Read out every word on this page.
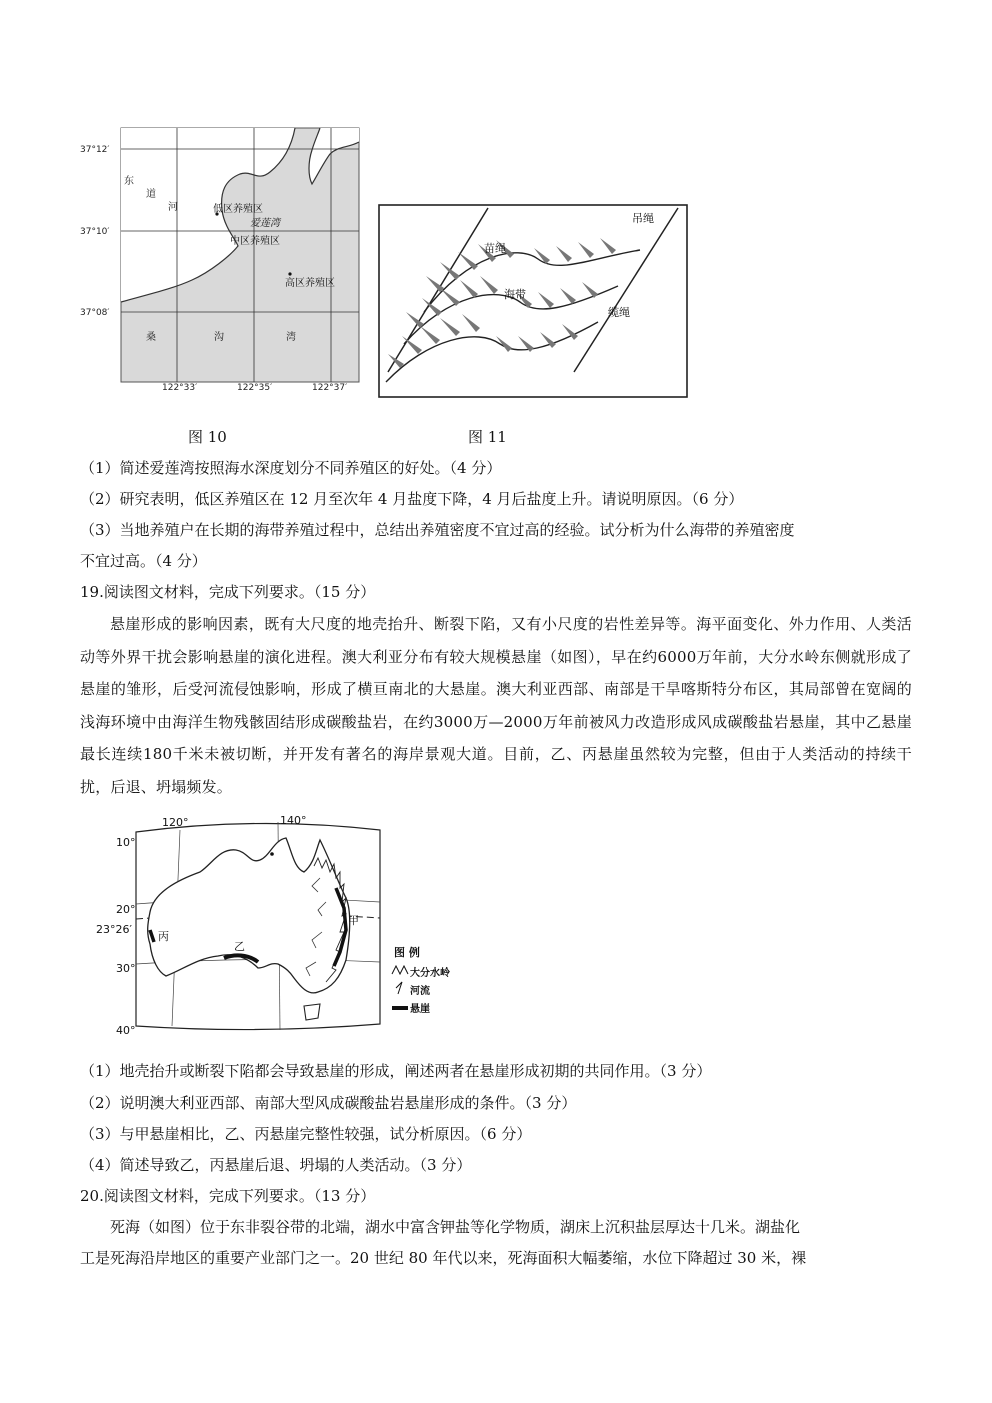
37°12′
37°10′
37°08′
122°33′	122°35′	122°37′
东
道
河	低区养殖区
爱莲湾
中区养殖区
高区养殖区
桑	沟	湾
吊绳
苗绳
海带
缆绳
图 10	图 11
（1）简述爱莲湾按照海水深度划分不同养殖区的好处。（4 分）
（2）研究表明，低区养殖区在 12 月至次年 4 月盐度下降，4 月后盐度上升。请说明原因。（6 分）
（3）当地养殖户在长期的海带养殖过程中，总结出养殖密度不宜过高的经验。试分析为什么海带的养殖密度
不宜过高。（4 分）
19.阅读图文材料，完成下列要求。（15 分）
悬崖形成的影响因素，既有大尺度的地壳抬升、断裂下陷，又有小尺度的岩性差异等。海平面变化、外力作用、人类活动等外界干扰会影响悬崖的演化进程。澳大利亚分布有较大规模悬崖（如图），早在约6000万年前，大分水岭东侧就形成了悬崖的雏形，后受河流侵蚀影响，形成了横亘南北的大悬崖。澳大利亚西部、南部是干旱喀斯特分布区，其局部曾在宽阔的浅海环境中由海洋生物残骸固结形成碳酸盐岩，在约3000万—2000万年前被风力改造形成风成碳酸盐岩悬崖，其中乙悬崖最长连续180千米未被切断，并开发有著名的海岸景观大道。目前，乙、丙悬崖虽然较为完整，但由于人类活动的持续干扰，后退、坍塌频发。
120°	140°
10°
20°
23°26′
30°
40°
甲
乙
丙
图 例
大分水岭
河流
悬崖
（1）地壳抬升或断裂下陷都会导致悬崖的形成，阐述两者在悬崖形成初期的共同作用。（3 分）
（2）说明澳大利亚西部、南部大型风成碳酸盐岩悬崖形成的条件。（3 分）
（3）与甲悬崖相比，乙、丙悬崖完整性较强，试分析原因。（6 分）
（4）简述导致乙，丙悬崖后退、坍塌的人类活动。（3 分）
20.阅读图文材料，完成下列要求。（13 分）
死海（如图）位于东非裂谷带的北端，湖水中富含钾盐等化学物质，湖床上沉积盐层厚达十几米。湖盐化
工是死海沿岸地区的重要产业部门之一。20 世纪 80 年代以来，死海面积大幅萎缩，水位下降超过 30 米，裸
